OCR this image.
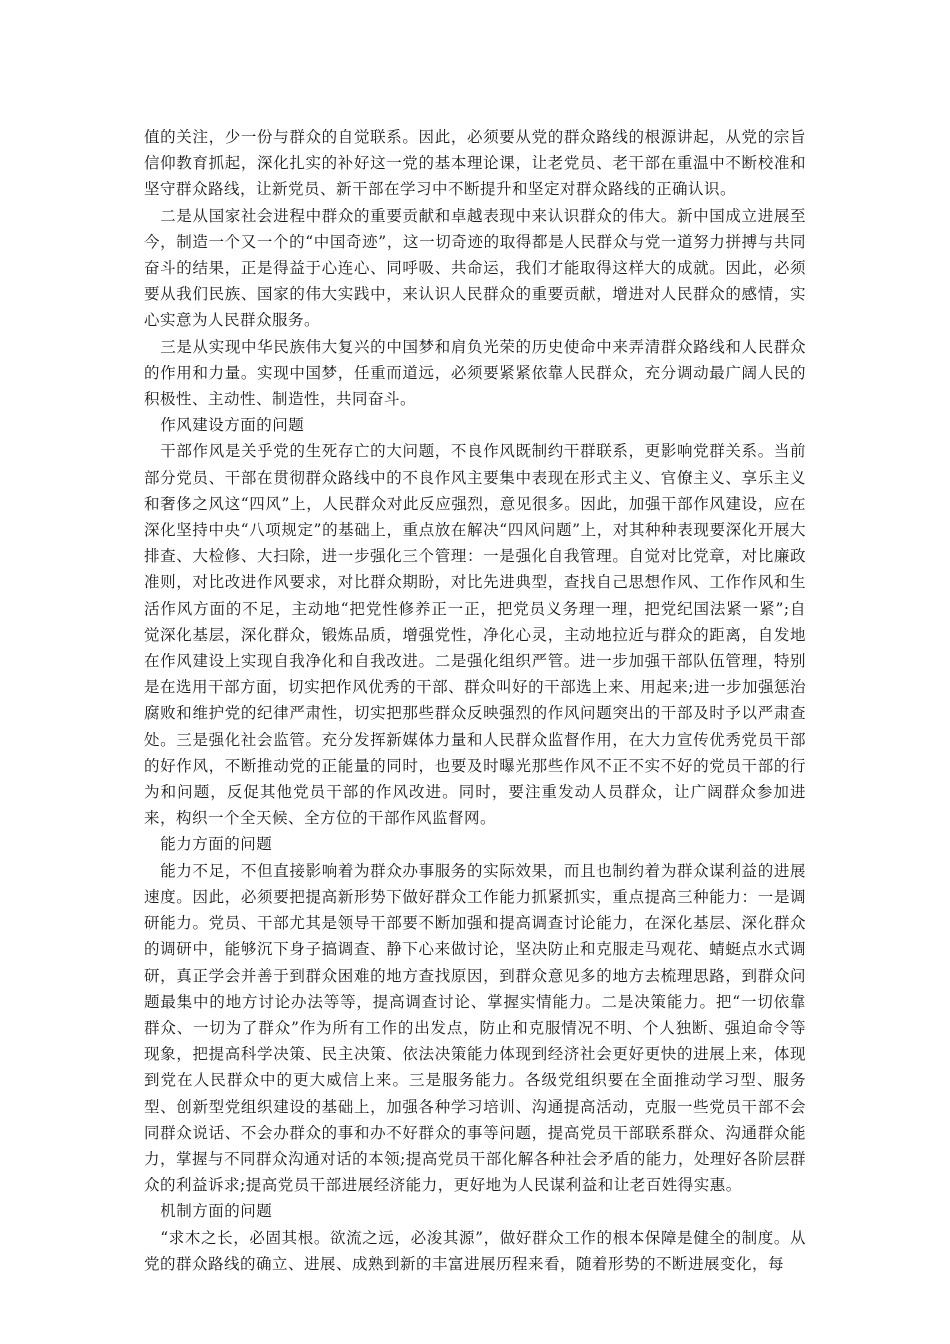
值的关注，少一份与群众的自觉联系。因此，必须要从党的群众路线的根源讲起，从党的宗旨信仰教育抓起，深化扎实的补好这一党的基本理论课，让老党员、老干部在重温中不断校准和坚守群众路线，让新党员、新干部在学习中不断提升和坚定对群众路线的正确认识。

二是从国家社会进程中群众的重要贡献和卓越表现中来认识群众的伟大。新中国成立进展至今，制造一个又一个的“中国奇迹”，这一切奇迹的取得都是人民群众与党一道努力拼搏与共同奋斗的结果，正是得益于心连心、同呼吸、共命运，我们才能取得这样大的成就。因此，必须要从我们民族、国家的伟大实践中，来认识人民群众的重要贡献，增进对人民群众的感情，实心实意为人民群众服务。

三是从实现中华民族伟大复兴的中国梦和肩负光荣的历史使命中来弄清群众路线和人民群众的作用和力量。实现中国梦，任重而道远，必须要紧紧依靠人民群众，充分调动最广阔人民的积极性、主动性、制造性，共同奋斗。

作风建设方面的问题

干部作风是关乎党的生死存亡的大问题，不良作风既制约干群联系，更影响党群关系。当前部分党员、干部在贯彻群众路线中的不良作风主要集中表现在形式主义、官僚主义、享乐主义和奢侈之风这“四风”上，人民群众对此反应强烈，意见很多。因此，加强干部作风建设，应在深化坚持中央“八项规定”的基础上，重点放在解决“四风问题”上，对其种种表现要深化开展大排查、大检修、大扫除，进一步强化三个管理：一是强化自我管理。自觉对比党章，对比廉政准则，对比改进作风要求，对比群众期盼，对比先进典型，查找自己思想作风、工作作风和生活作风方面的不足，主动地“把党性修养正一正，把党员义务理一理，把党纪国法紧一紧”;自觉深化基层，深化群众，锻炼品质，增强党性，净化心灵，主动地拉近与群众的距离，自发地在作风建设上实现自我净化和自我改进。二是强化组织严管。进一步加强干部队伍管理，特别是在选用干部方面，切实把作风优秀的干部、群众叫好的干部选上来、用起来;进一步加强惩治腐败和维护党的纪律严肃性，切实把那些群众反映强烈的作风问题突出的干部及时予以严肃查处。三是强化社会监管。充分发挥新媒体力量和人民群众监督作用，在大力宣传优秀党员干部的好作风，不断推动党的正能量的同时，也要及时曝光那些作风不正不实不好的党员干部的行为和问题，反促其他党员干部的作风改进。同时，要注重发动人员群众，让广阔群众参加进来，构织一个全天候、全方位的干部作风监督网。

能力方面的问题

能力不足，不但直接影响着为群众办事服务的实际效果，而且也制约着为群众谋利益的进展速度。因此，必须要把提高新形势下做好群众工作能力抓紧抓实，重点提高三种能力：一是调研能力。党员、干部尤其是领导干部要不断加强和提高调查讨论能力，在深化基层、深化群众的调研中，能够沉下身子搞调查、静下心来做讨论，坚决防止和克服走马观花、蜻蜓点水式调研，真正学会并善于到群众困难的地方查找原因，到群众意见多的地方去梳理思路，到群众问题最集中的地方讨论办法等等，提高调查讨论、掌握实情能力。二是决策能力。把“一切依靠群众、一切为了群众”作为所有工作的出发点，防止和克服情况不明、个人独断、强迫命令等现象，把提高科学决策、民主决策、依法决策能力体现到经济社会更好更快的进展上来，体现到党在人民群众中的更大威信上来。三是服务能力。各级党组织要在全面推动学习型、服务型、创新型党组织建设的基础上，加强各种学习培训、沟通提高活动，克服一些党员干部不会同群众说话、不会办群众的事和办不好群众的事等问题，提高党员干部联系群众、沟通群众能力，掌握与不同群众沟通对话的本领;提高党员干部化解各种社会矛盾的能力，处理好各阶层群众的利益诉求;提高党员干部进展经济能力，更好地为人民谋利益和让老百姓得实惠。

机制方面的问题

“求木之长，必固其根。欲流之远，必浚其源”，做好群众工作的根本保障是健全的制度。从党的群众路线的确立、进展、成熟到新的丰富进展历程来看，随着形势的不断进展变化，每
